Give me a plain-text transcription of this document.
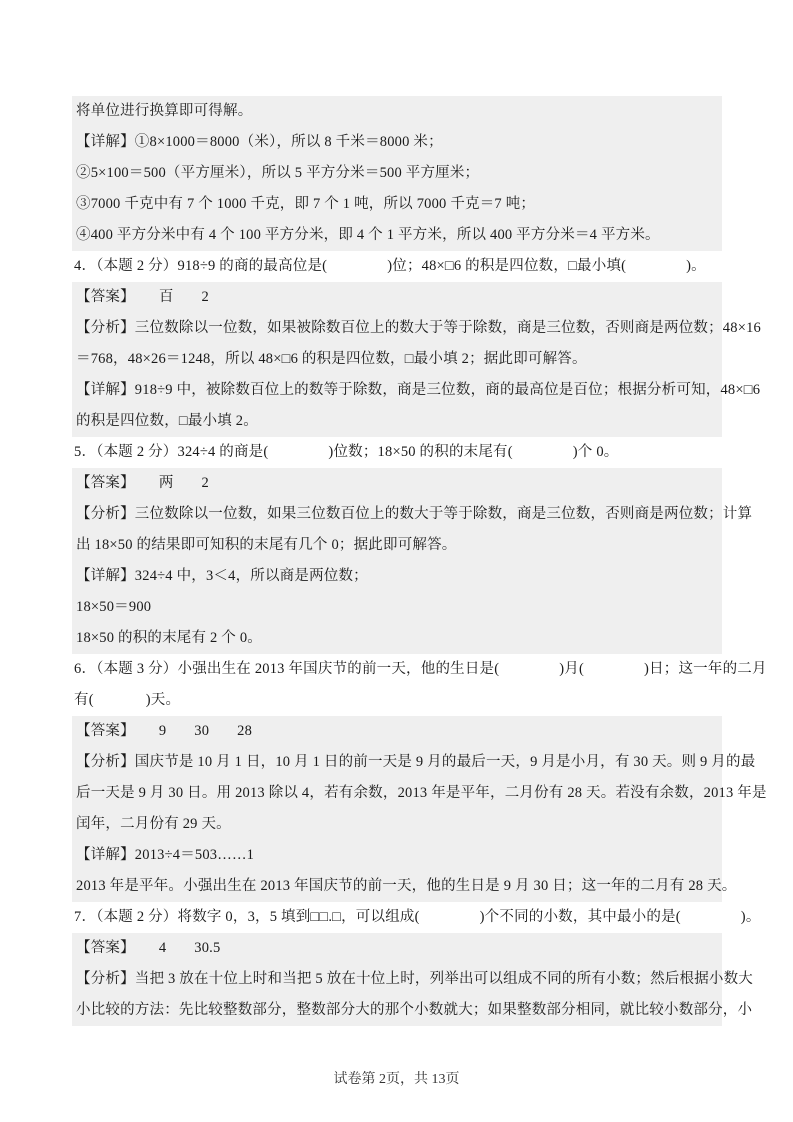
将单位进行换算即可得解。
【详解】①8×1000＝8000（米），所以 8 千米＝8000 米；
②5×100＝500（平方厘米），所以 5 平方分米＝500 平方厘米；
③7000 千克中有 7 个 1000 千克，即 7 个 1 吨，所以 7000 千克＝7 吨；
④400 平方分米中有 4 个 100 平方分米，即 4 个 1 平方米，所以 400 平方分米＝4 平方米。
4．（本题 2 分）918÷9 的商的最高位是(	)位；48×□6 的积是四位数，□最小填(	)。
【答案】 百 2
【分析】三位数除以一位数，如果被除数百位上的数大于等于除数，商是三位数，否则商是两位数；48×16
＝768，48×26＝1248，所以 48×□6 的积是四位数，□最小填 2；据此即可解答。
【详解】918÷9 中，被除数百位上的数等于除数，商是三位数，商的最高位是百位；根据分析可知，48×□6
的积是四位数，□最小填 2。
5．（本题 2 分）324÷4 的商是(	)位数；18×50 的积的末尾有(	)个 0。
【答案】 两 2
【分析】三位数除以一位数，如果三位数百位上的数大于等于除数，商是三位数，否则商是两位数；计算
出 18×50 的结果即可知积的末尾有几个 0；据此即可解答。
【详解】324÷4 中，3＜4，所以商是两位数；
18×50＝900
18×50 的积的末尾有 2 个 0。
6．（本题 3 分）小强出生在 2013 年国庆节的前一天，他的生日是(	)月(	)日；这一年的二月
有(	)天。
【答案】 9 30 28
【分析】国庆节是 10 月 1 日，10 月 1 日的前一天是 9 月的最后一天，9 月是小月，有 30 天。则 9 月的最
后一天是 9 月 30 日。用 2013 除以 4，若有余数，2013 年是平年，二月份有 28 天。若没有余数，2013 年是
闰年，二月份有 29 天。
【详解】2013÷4＝503……1
2013 年是平年。小强出生在 2013 年国庆节的前一天，他的生日是 9 月 30 日；这一年的二月有 28 天。
7．（本题 2 分）将数字 0，3，5 填到□□.□，可以组成(	)个不同的小数，其中最小的是(	)。
【答案】 4 30.5
【分析】当把 3 放在十位上时和当把 5 放在十位上时，列举出可以组成不同的所有小数；然后根据小数大
小比较的方法：先比较整数部分，整数部分大的那个小数就大；如果整数部分相同，就比较小数部分，小
试卷第 2页，共 13页
